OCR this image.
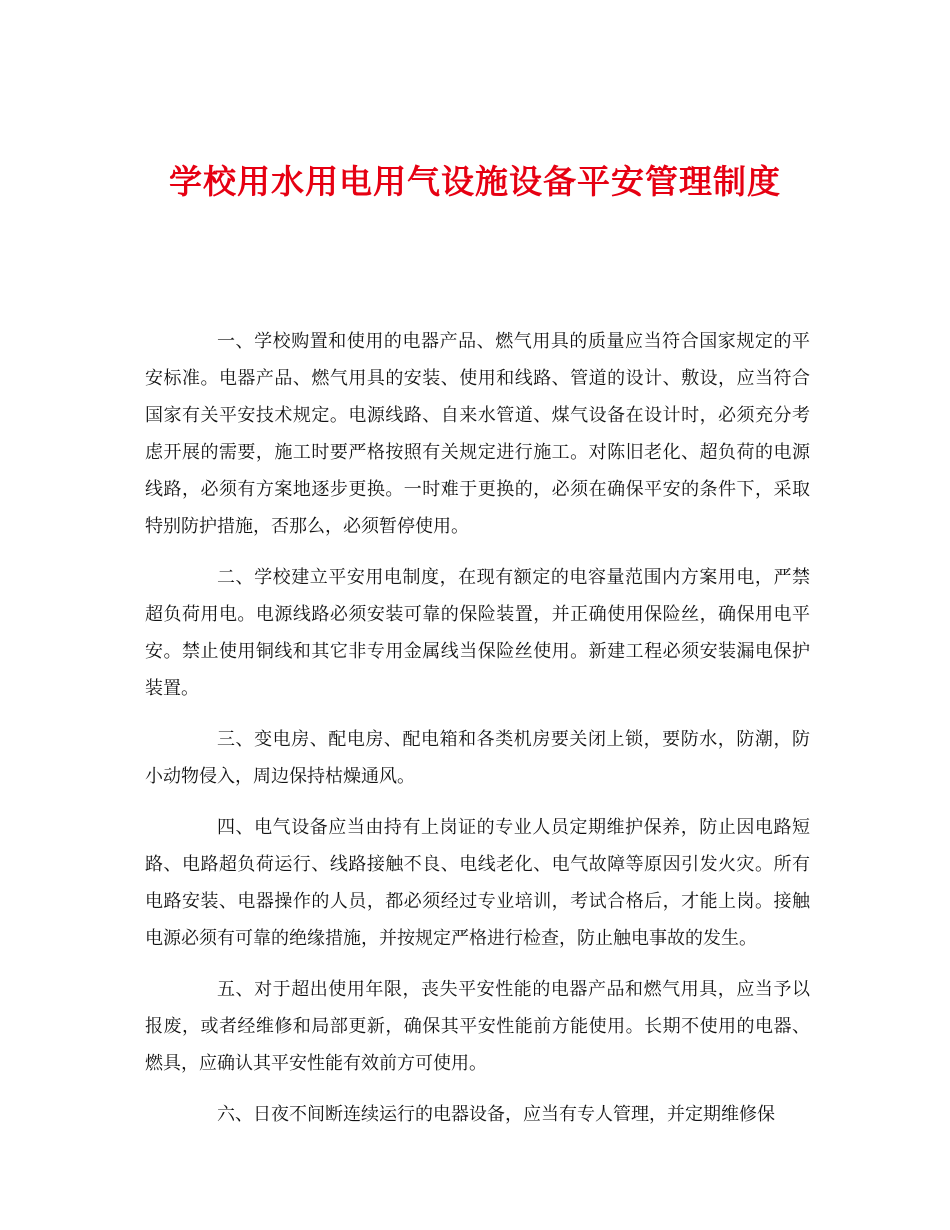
学校用水用电用气设施设备平安管理制度

一、学校购置和使用的电器产品、燃气用具的质量应当符合国家规定的平安标准。电器产品、燃气用具的安装、使用和线路、管道的设计、敷设，应当符合国家有关平安技术规定。电源线路、自来水管道、煤气设备在设计时，必须充分考虑开展的需要，施工时要严格按照有关规定进行施工。对陈旧老化、超负荷的电源线路，必须有方案地逐步更换。一时难于更换的，必须在确保平安的条件下，采取特别防护措施，否那么，必须暂停使用。

二、学校建立平安用电制度，在现有额定的电容量范围内方案用电，严禁超负荷用电。电源线路必须安装可靠的保险装置，并正确使用保险丝，确保用电平安。禁止使用铜线和其它非专用金属线当保险丝使用。新建工程必须安装漏电保护装置。

三、变电房、配电房、配电箱和各类机房要关闭上锁，要防水，防潮，防小动物侵入，周边保持枯燥通风。

四、电气设备应当由持有上岗证的专业人员定期维护保养，防止因电路短路、电路超负荷运行、线路接触不良、电线老化、电气故障等原因引发火灾。所有电路安装、电器操作的人员，都必须经过专业培训，考试合格后，才能上岗。接触电源必须有可靠的绝缘措施，并按规定严格进行检查，防止触电事故的发生。

五、对于超出使用年限，丧失平安性能的电器产品和燃气用具，应当予以报废，或者经维修和局部更新，确保其平安性能前方能使用。长期不使用的电器、燃具，应确认其平安性能有效前方可使用。

六、日夜不间断连续运行的电器设备，应当有专人管理，并定期维修保
